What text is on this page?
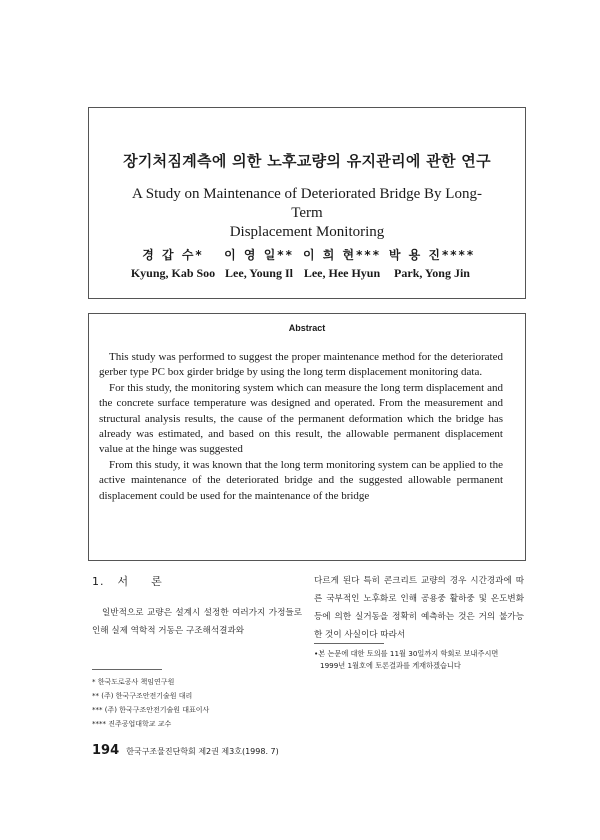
장기처짐계측에 의한 노후교량의 유지관리에 관한 연구
A Study on Maintenance of Deteriorated Bridge By Long-Term
Displacement Monitoring
경 갑 수*
Kyung, Kab Soo
이 영 일**
Lee, Young Il
이 희 현***
Lee, Hee Hyun
박 용 진****
Park, Yong Jin
Abstract

This study was performed to suggest the proper maintenance method for the deteriorated gerber type PC box girder bridge by using the long term displacement monitoring data.

For this study, the monitoring system which can measure the long term displacement and the concrete surface temperature was designed and operated. From the measurement and structural analysis results, the cause of the permanent deformation which the bridge has already was estimated, and based on this result, the allowable permanent displacement value at the hinge was suggested

From this study, it was known that the long term monitoring system can be applied to the active maintenance of the deteriorated bridge and the suggested allowable permanent displacement could be used for the maintenance of the bridge

1. 서 론
일반적으로 교량은 설계시 설정한 여러가지 가정들로 인해 실제 역학적 거동은 구조해석결과와
다르게 된다 특히 콘크리트 교량의 경우 시간경과에 따른 국부적인 노후화로 인해 공용중 활하중 및 온도변화등에 의한 실거동을 정확히 예측하는 것은 거의 불가능한 것이 사실이다 따라서
* 한국도로공사 책임연구원
** (주) 한국구조안전기술원 대리
*** (주) 한국구조안전기술원 대표이사
**** 진주공업대학교 교수
•본 논문에 대한 토의를 11월 30일까지 학회로 보내주시면
1999년 1월호에 토론결과를 게재하겠습니다
194 한국구조물진단학회 제2권 제3호(1998. 7)
